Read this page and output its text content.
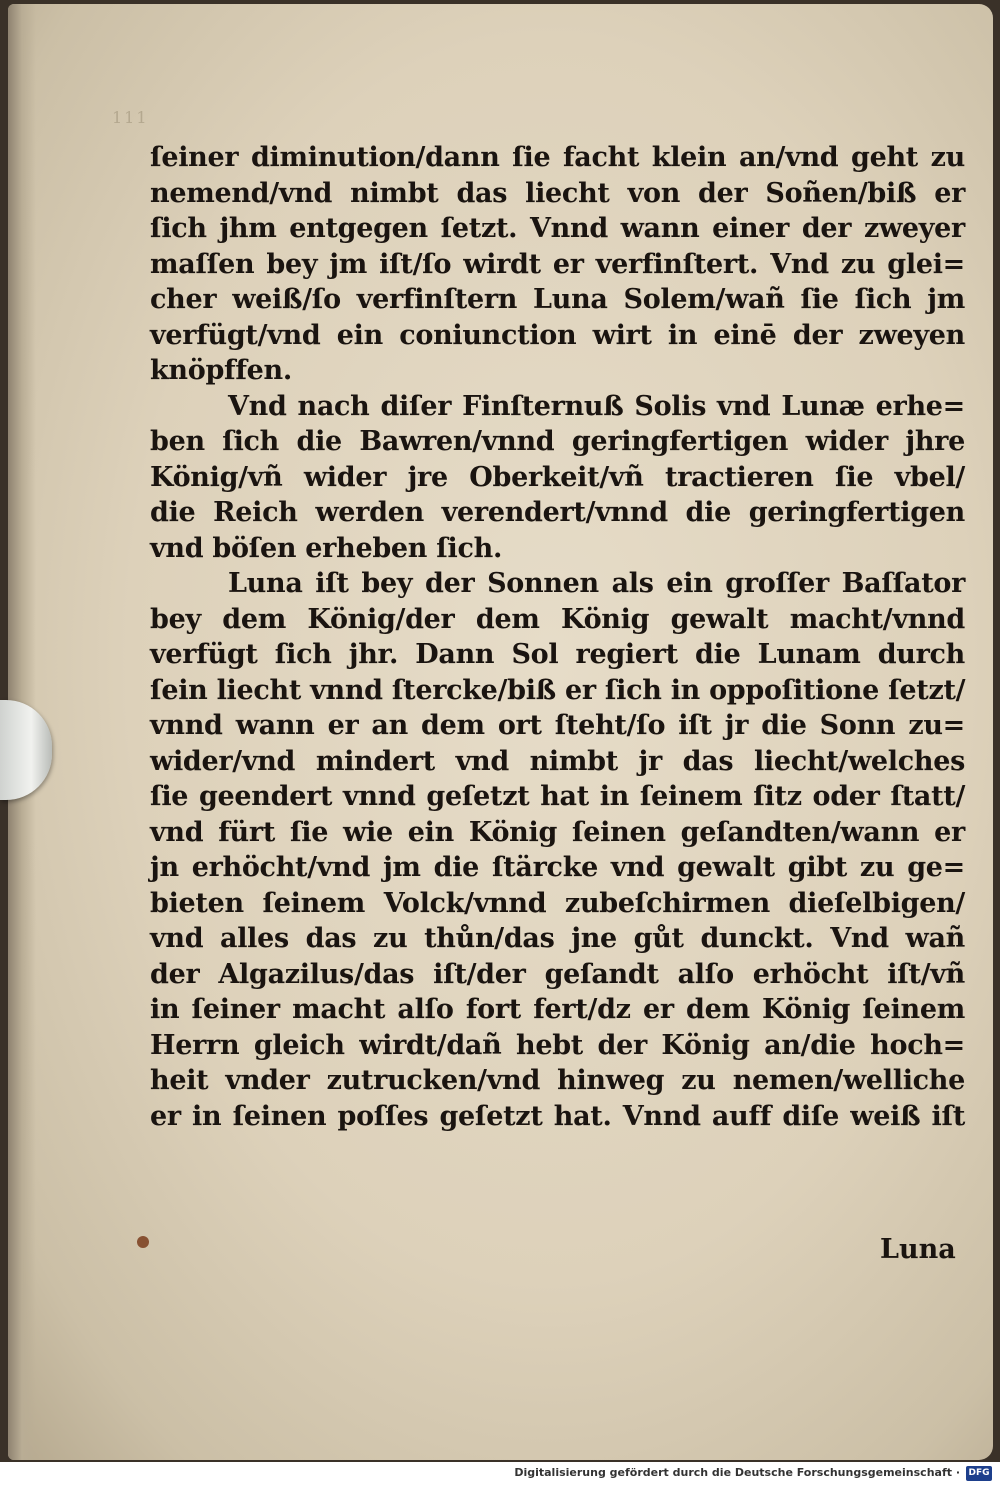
111
ſeiner diminution/dann ſie facht klein an/vnd geht zu
nemend/vnd nimbt das liecht von der Soñen/biß er
ſich jhm entgegen ſetzt. Vnnd wann einer der zweyer
maſſen bey jm iſt/ſo wirdt er verfinſtert. Vnd zu glei=
cher weiß/ſo verfinſtern Luna Solem/wañ ſie ſich jm
verfügt/vnd ein coniunction wirt in einē der zweyen
knöpffen.
Vnd nach diſer Finſternuß Solis vnd Lunæ erhe=
ben ſich die Bawren/vnnd geringfertigen wider jhre
König/vñ wider jre Oberkeit/vñ tractieren ſie vbel/
die Reich werden verendert/vnnd die geringfertigen
vnd böſen erheben ſich.
Luna iſt bey der Sonnen als ein groſſer Baſſator
bey dem König/der dem König gewalt macht/vnnd
verfügt ſich jhr. Dann Sol regiert die Lunam durch
ſein liecht vnnd ſtercke/biß er ſich in oppoſitione ſetzt/
vnnd wann er an dem ort ſteht/ſo iſt jr die Sonn zu=
wider/vnd mindert vnd nimbt jr das liecht/welches
ſie geendert vnnd geſetzt hat in ſeinem ſitz oder ſtatt/
vnd fürt ſie wie ein König ſeinen geſandten/wann er
jn erhöcht/vnd jm die ſtärcke vnd gewalt gibt zu ge=
bieten ſeinem Volck/vnnd zubeſchirmen dieſelbigen/
vnd alles das zu thůn/das jne gůt dunckt. Vnd wañ
der Algazilus/das iſt/der geſandt alſo erhöcht iſt/vñ
in ſeiner macht alſo fort fert/dz er dem König ſeinem
Herrn gleich wirdt/dañ hebt der König an/die hoch=
heit vnder zutrucken/vnd hinweg zu nemen/welliche
er in ſeinen poſſes geſetzt hat. Vnnd auff diſe weiß iſt
Luna
Digitalisierung gefördert durch die Deutsche Forschungsgemeinschaft · DFG
